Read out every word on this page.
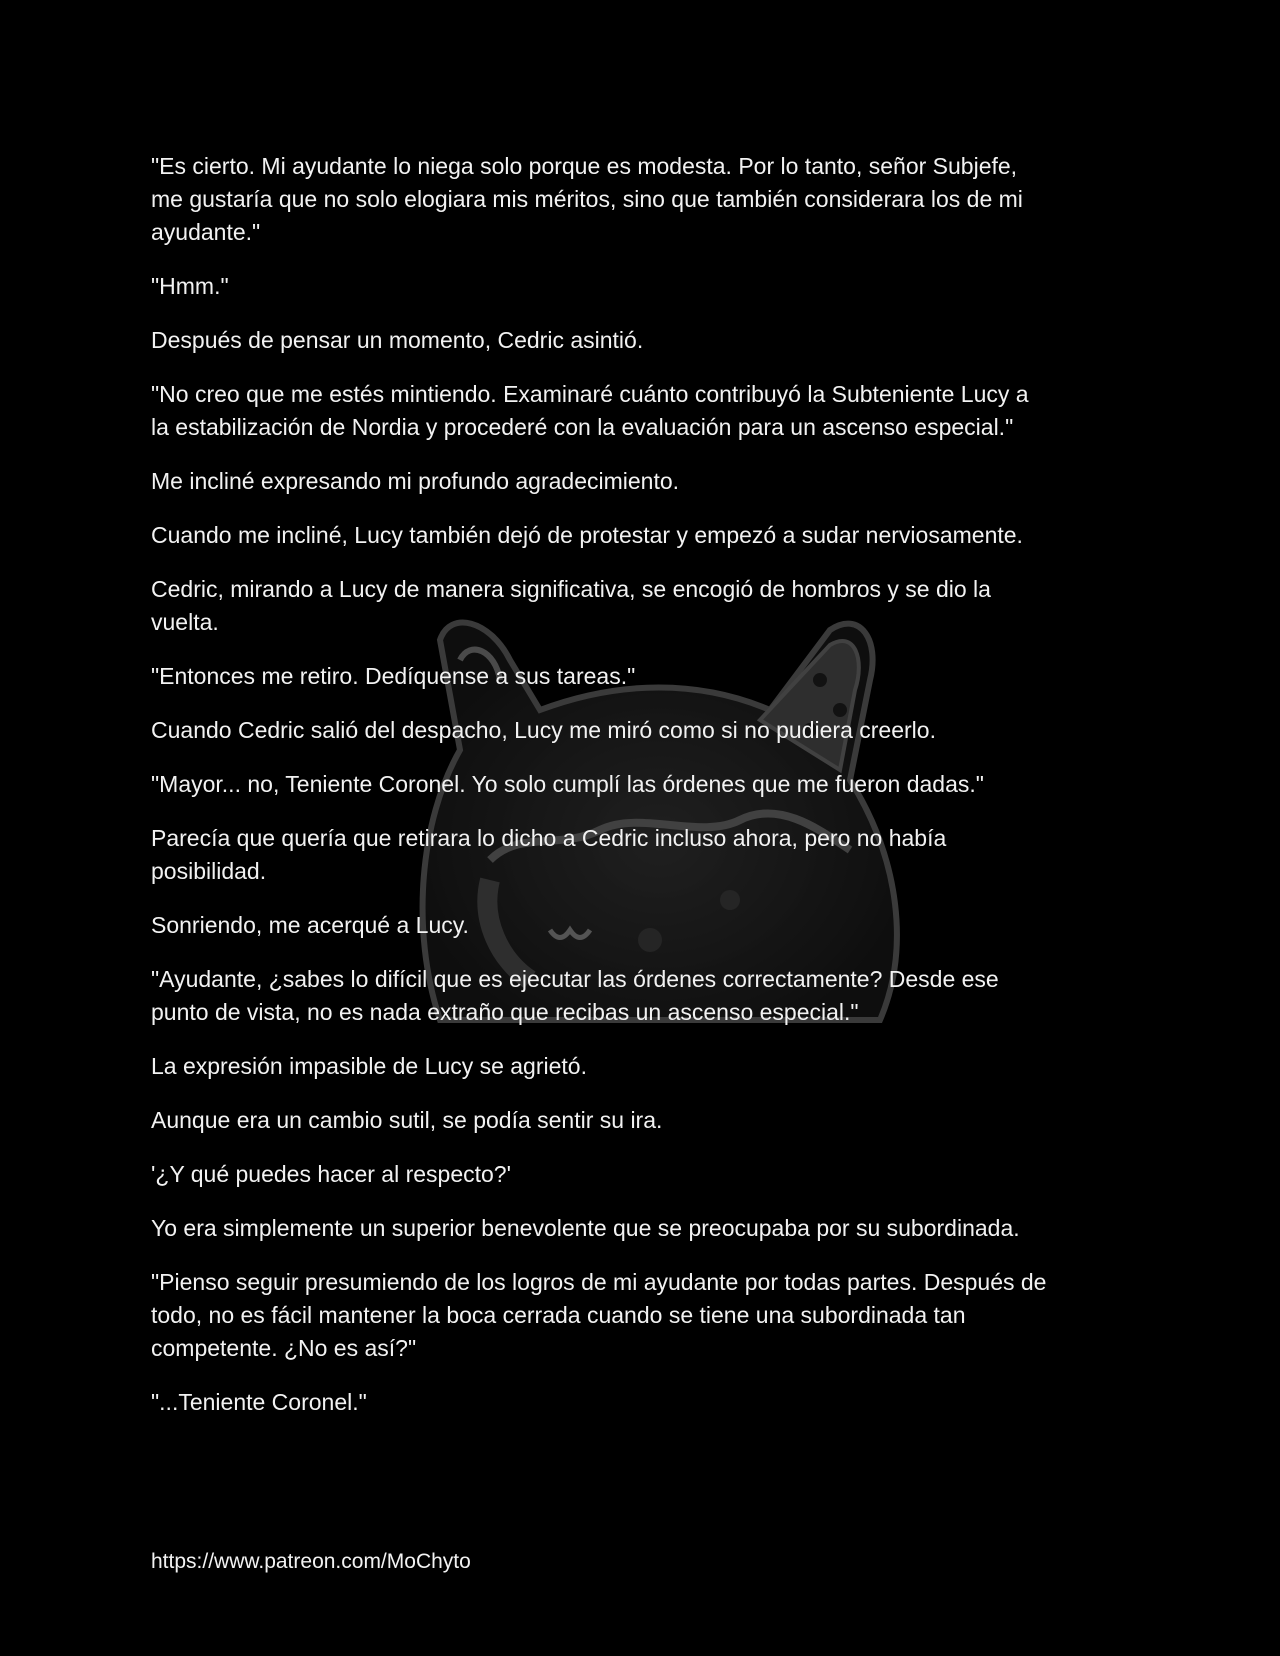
"Es cierto. Mi ayudante lo niega solo porque es modesta. Por lo tanto, señor Subjefe,
me gustaría que no solo elogiara mis méritos, sino que también considerara los de mi
ayudante."
"Hmm."
Después de pensar un momento, Cedric asintió.
"No creo que me estés mintiendo. Examinaré cuánto contribuyó la Subteniente Lucy a
la estabilización de Nordia y procederé con la evaluación para un ascenso especial."
Me incliné expresando mi profundo agradecimiento.
Cuando me incliné, Lucy también dejó de protestar y empezó a sudar nerviosamente.
Cedric, mirando a Lucy de manera significativa, se encogió de hombros y se dio la
vuelta.
"Entonces me retiro. Dedíquense a sus tareas."
Cuando Cedric salió del despacho, Lucy me miró como si no pudiera creerlo.
"Mayor... no, Teniente Coronel. Yo solo cumplí las órdenes que me fueron dadas."
Parecía que quería que retirara lo dicho a Cedric incluso ahora, pero no había
posibilidad.
Sonriendo, me acerqué a Lucy.
"Ayudante, ¿sabes lo difícil que es ejecutar las órdenes correctamente? Desde ese
punto de vista, no es nada extraño que recibas un ascenso especial."
La expresión impasible de Lucy se agrietó.
Aunque era un cambio sutil, se podía sentir su ira.
'¿Y qué puedes hacer al respecto?'
Yo era simplemente un superior benevolente que se preocupaba por su subordinada.
"Pienso seguir presumiendo de los logros de mi ayudante por todas partes. Después de
todo, no es fácil mantener la boca cerrada cuando se tiene una subordinada tan
competente. ¿No es así?"
"...Teniente Coronel."
https://www.patreon.com/MoChyto
